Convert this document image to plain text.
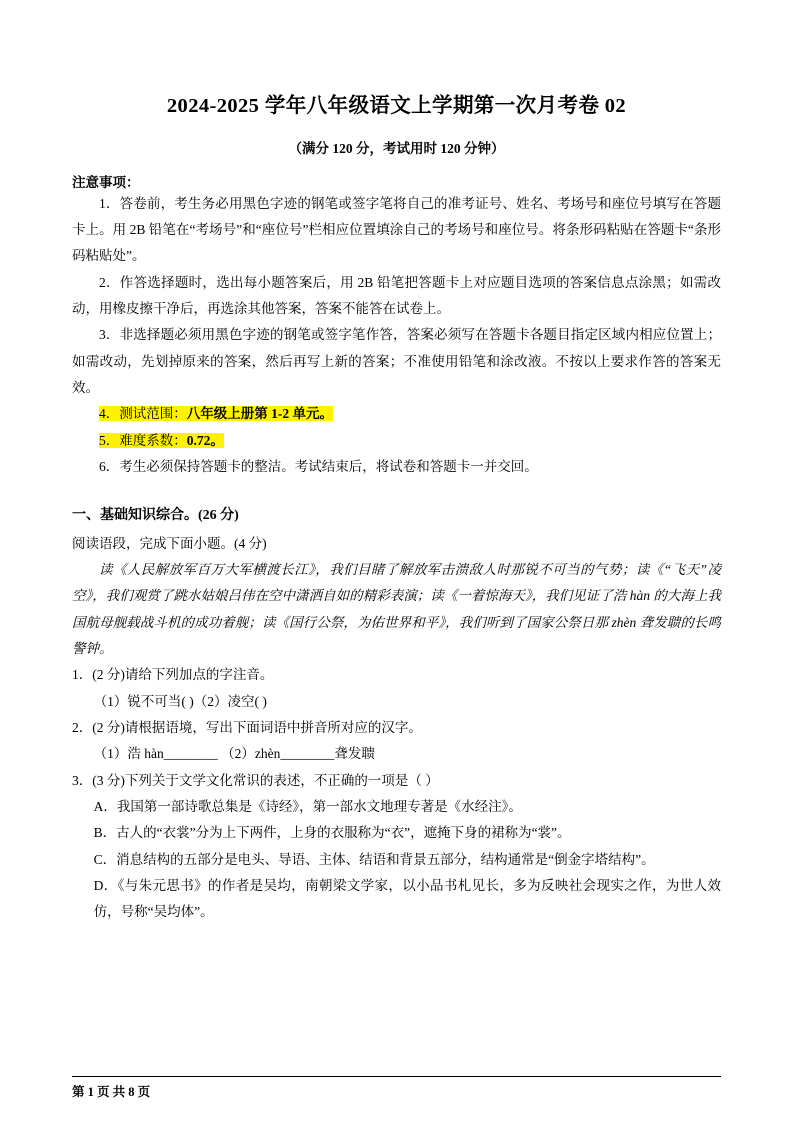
2024-2025 学年八年级语文上学期第一次月考卷 02
（满分 120 分，考试用时 120 分钟）
注意事项：

1．答卷前，考生务必用黑色字迹的钢笔或签字笔将自己的准考证号、姓名、考场号和座位号填写在答题卡上。用 2B 铅笔在“考场号”和“座位号”栏相应位置填涂自己的考场号和座位号。将条形码粘贴在答题卡“条形码粘贴处”。

2．作答选择题时，选出每小题答案后，用 2B 铅笔把答题卡上对应题目选项的答案信息点涂黑；如需改动，用橡皮擦干净后，再选涂其他答案，答案不能答在试卷上。

3．非选择题必须用黑色字迹的钢笔或签字笔作答，答案必须写在答题卡各题目指定区域内相应位置上；如需改动，先划掉原来的答案，然后再写上新的答案；不准使用铅笔和涂改液。不按以上要求作答的答案无效。

4．测试范围：八年级上册第 1-2 单元。

5．难度系数：0.72。

6．考生必须保持答题卡的整洁。考试结束后，将试卷和答题卡一并交回。

一、基础知识综合。(26 分)
阅读语段，完成下面小题。(4 分)

读《人民解放军百万大军横渡长江》，我们目睹了解放军击溃敌人时那锐不可当的气势；读《“飞天”凌空》，我们观赏了跳水姑娘吕伟在空中潇洒自如的精彩表演；读《一着惊海天》，我们见证了浩 hàn 的大海上我国航母舰载战斗机的成功着舰；读《国行公祭，为佑世界和平》，我们听到了国家公祭日那 zhèn 聋发聩的长鸣警钟。

1．(2 分)请给下列加点的字注音。

（1）锐不可当( )（2）凌空( )

2．(2 分)请根据语境，写出下面词语中拼音所对应的汉字。

（1）浩 hàn________ （2）zhèn________聋发聩

3．(3 分)下列关于文学文化常识的表述，不正确的一项是（ ）

A．我国第一部诗歌总集是《诗经》，第一部水文地理专著是《水经注》。

B．古人的“衣裳”分为上下两件，上身的衣服称为“衣”，遮掩下身的裙称为“裳”。

C．消息结构的五部分是电头、导语、主体、结语和背景五部分，结构通常是“倒金字塔结构”。

D．《与朱元思书》的作者是吴均，南朝梁文学家，以小品书札见长，多为反映社会现实之作，为世人效仿，号称“吴均体”。

第 1 页 共 8 页
